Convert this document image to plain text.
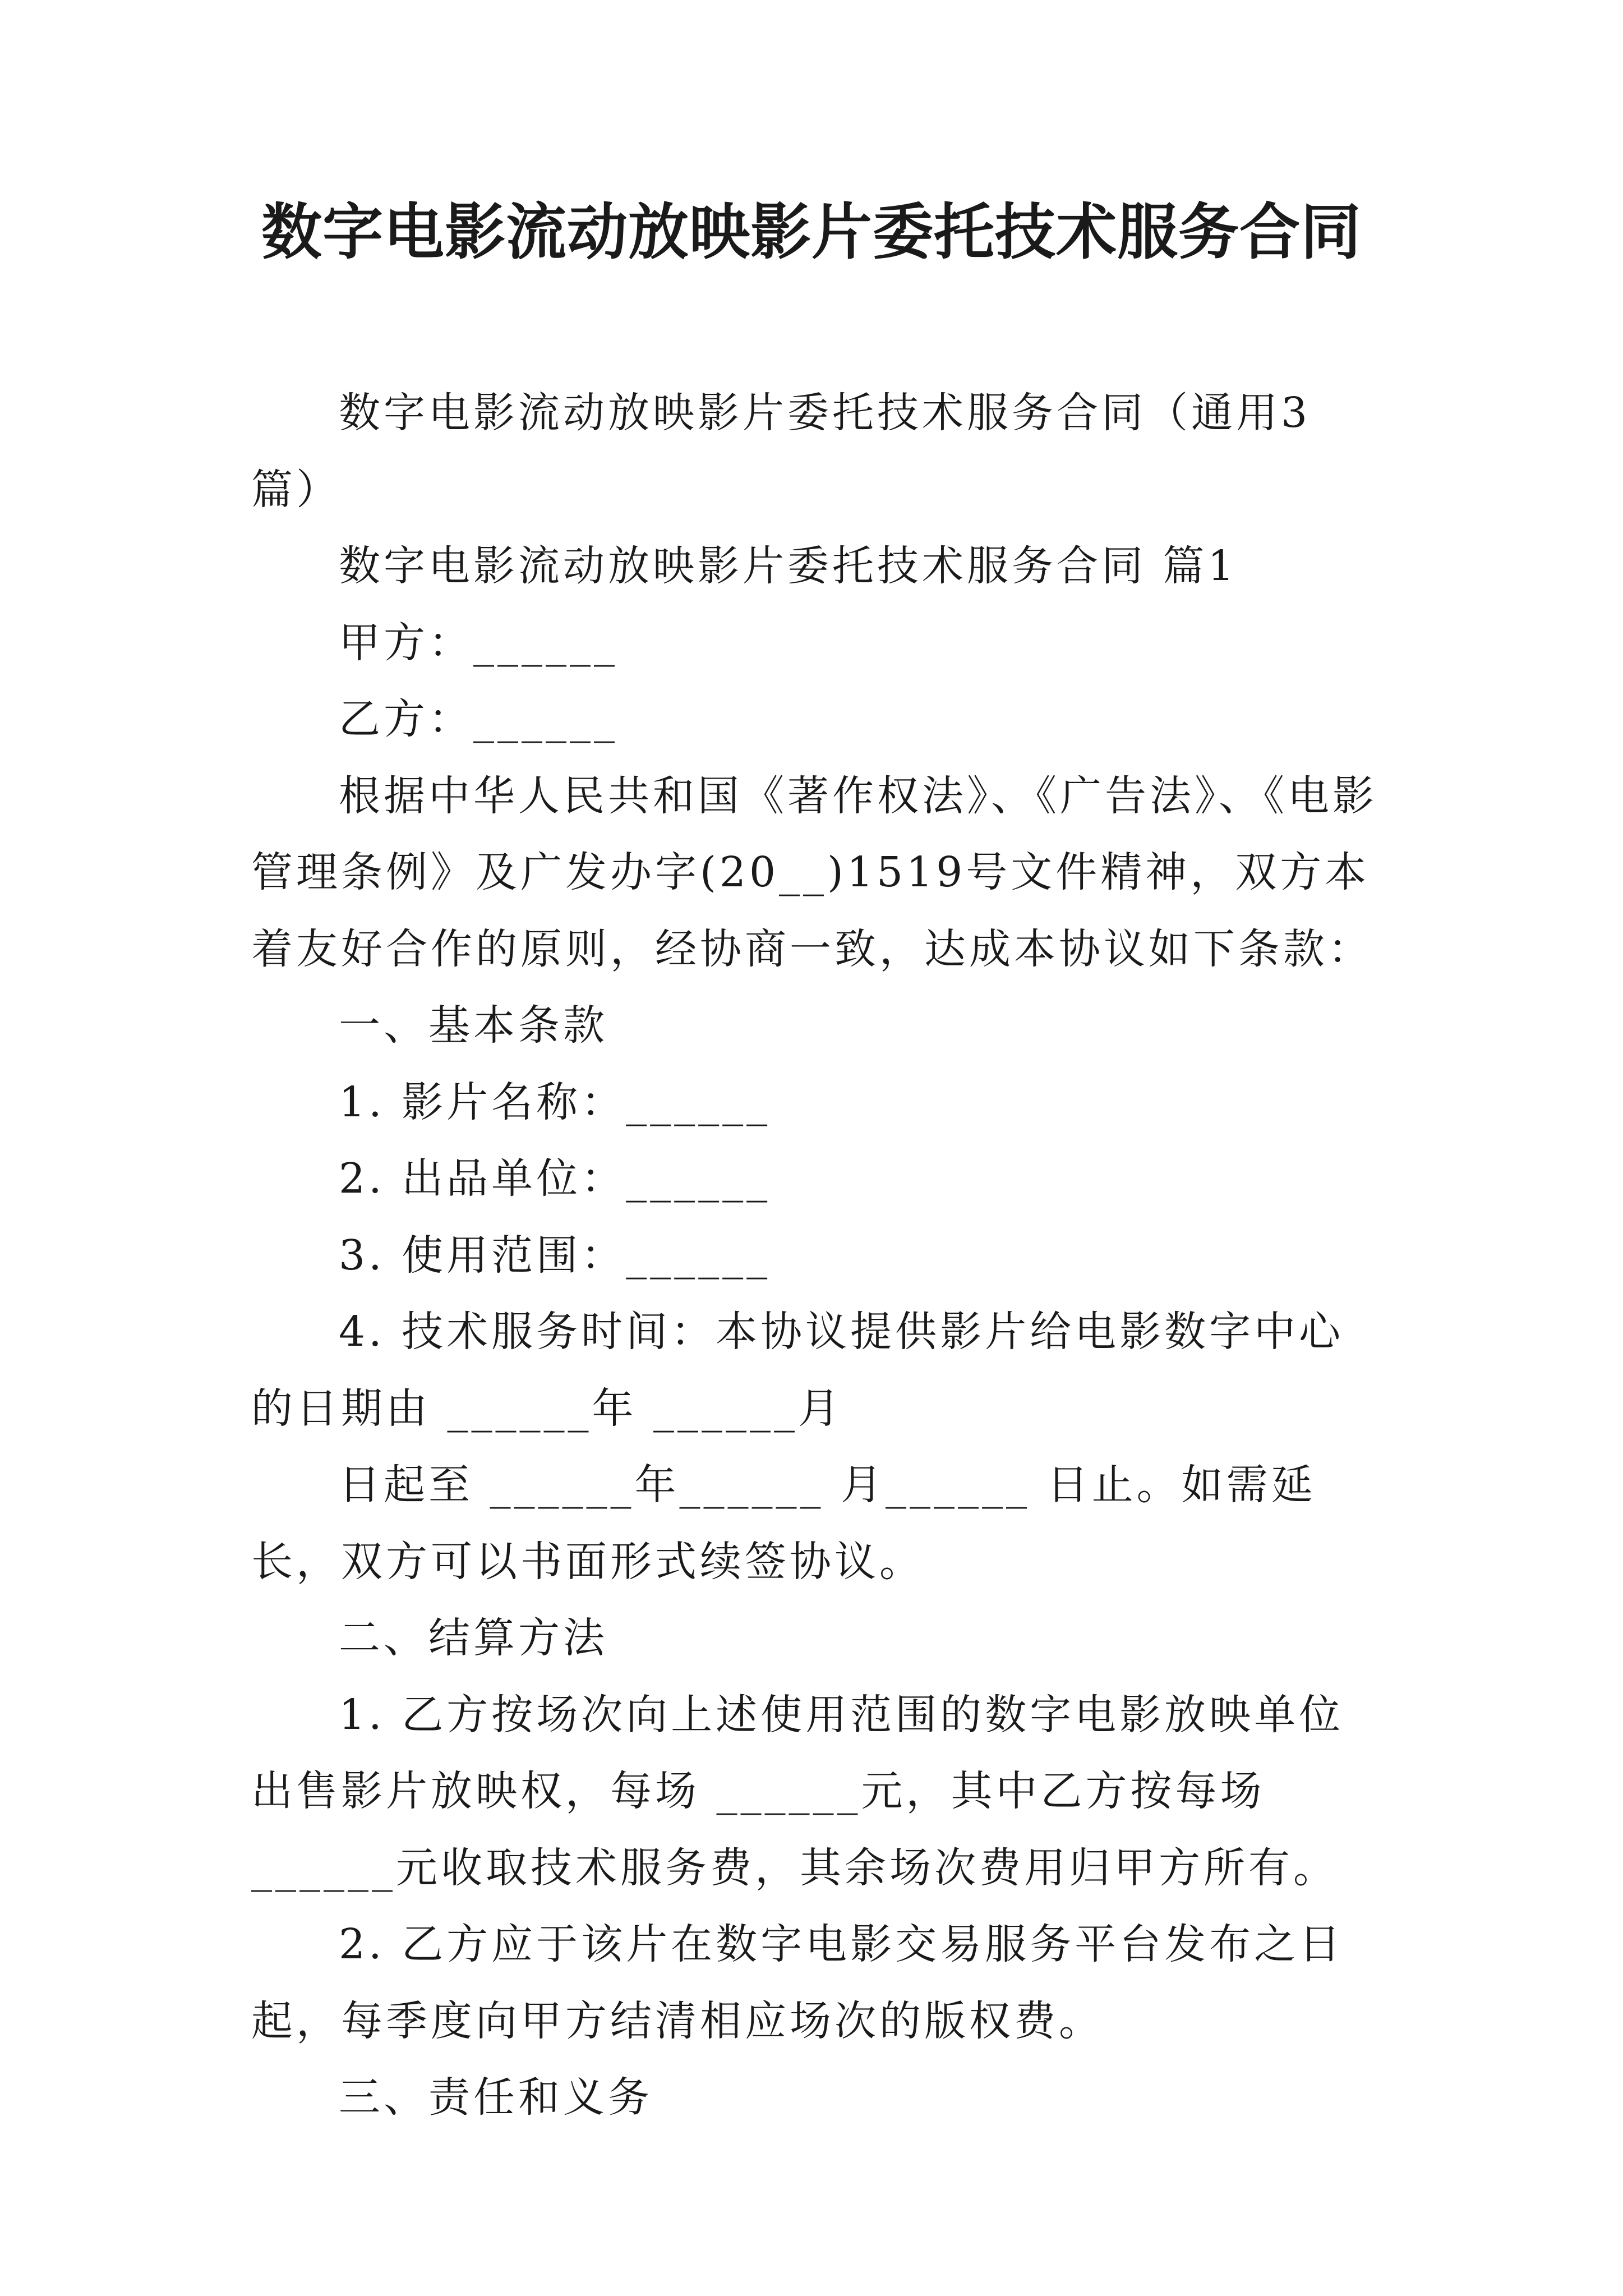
数字电影流动放映影片委托技术服务合同

数字电影流动放映影片委托技术服务合同（通用3篇）

数字电影流动放映影片委托技术服务合同 篇1

甲方：______

乙方：______

根据中华人民共和国《著作权法》、《广告法》、《电影管理条例》及广发办字(20__)1519号文件精神，双方本着友好合作的原则，经协商一致，达成本协议如下条款：

一、基本条款

1. 影片名称：______

2. 出品单位：______

3. 使用范围：______

4. 技术服务时间：本协议提供影片给电影数字中心的日期由 ______年 ______月

日起至 ______年______ 月______ 日止。如需延长，双方可以书面形式续签协议。

二、结算方法

1. 乙方按场次向上述使用范围的数字电影放映单位出售影片放映权，每场 ______元，其中乙方按每场 ______元收取技术服务费，其余场次费用归甲方所有。

2. 乙方应于该片在数字电影交易服务平台发布之日起，每季度向甲方结清相应场次的版权费。

三、责任和义务
